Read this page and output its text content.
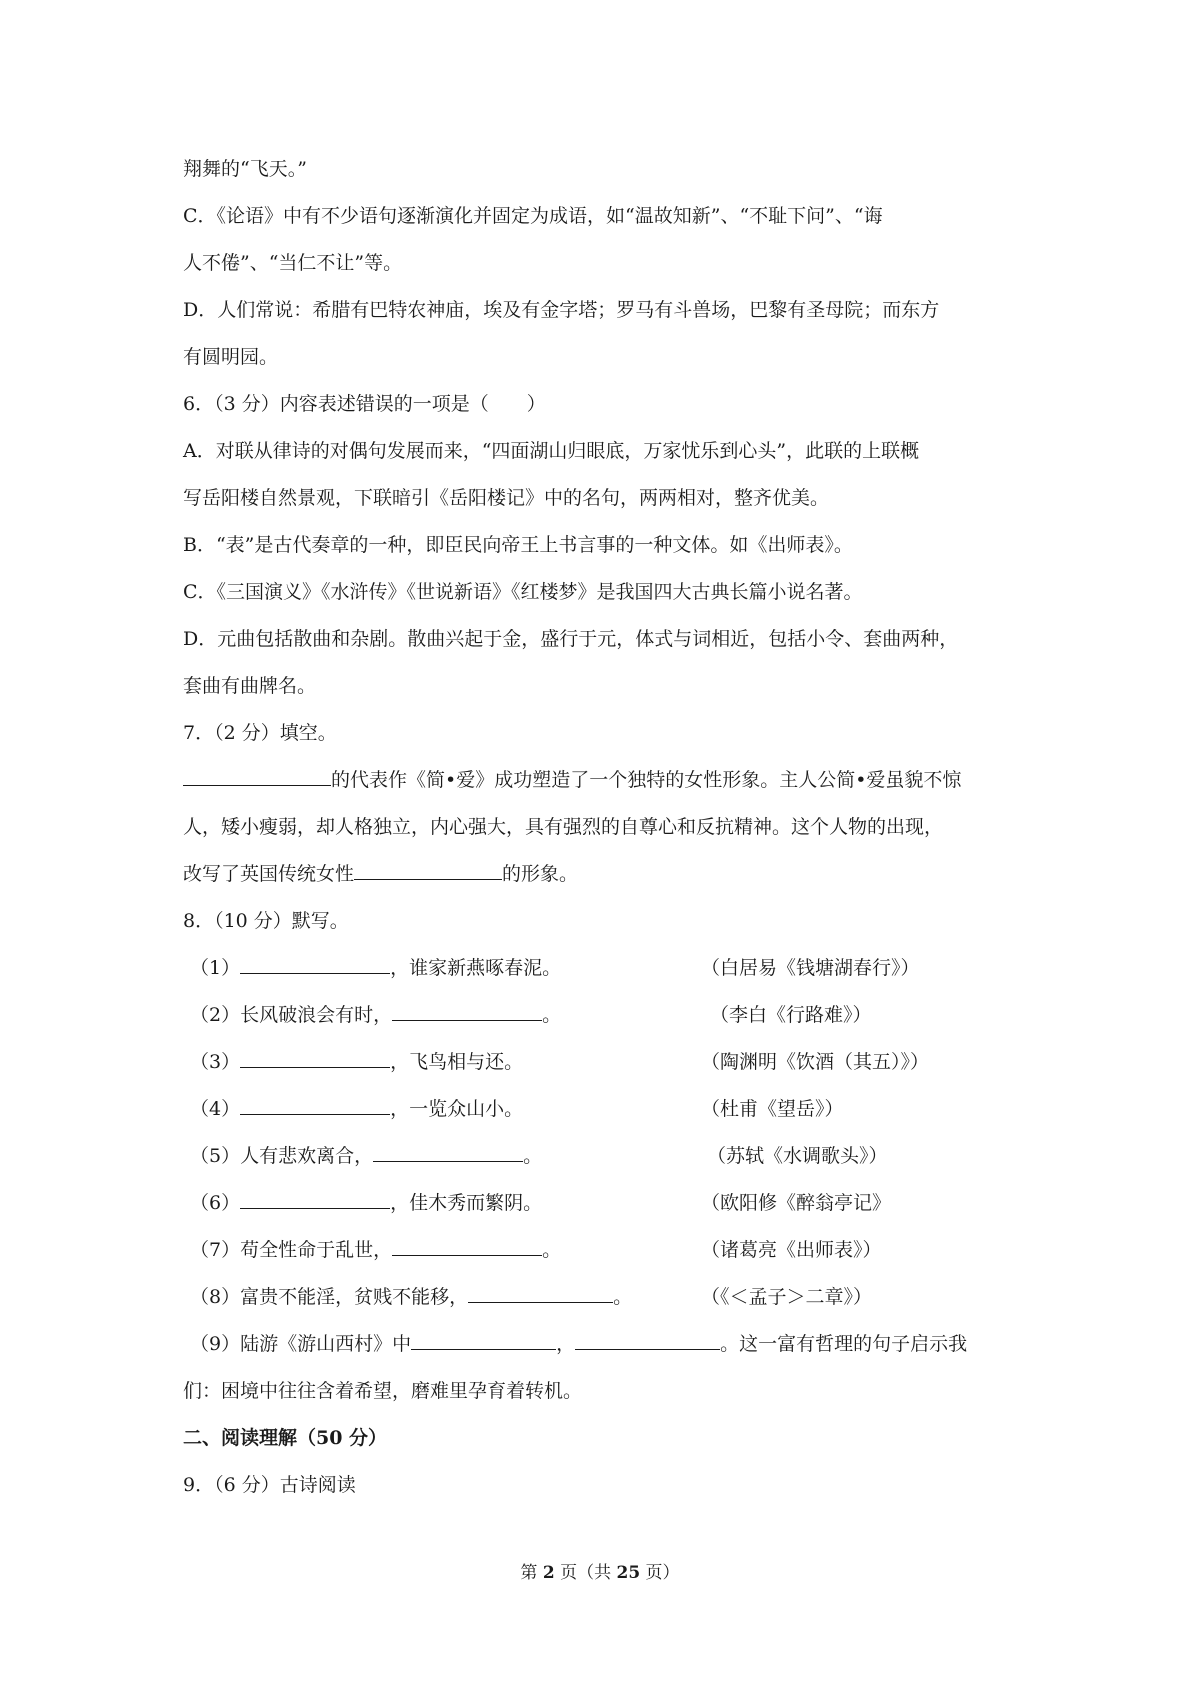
翔舞的“飞天。”
C．《论语》中有不少语句逐渐演化并固定为成语，如“温故知新”、“不耻下问”、“诲
人不倦”、“当仁不让”等。
D．人们常说：希腊有巴特农神庙，埃及有金字塔；罗马有斗兽场，巴黎有圣母院；而东方
有圆明园。
6．（3 分）内容表述错误的一项是（　　）
A．对联从律诗的对偶句发展而来，“四面湖山归眼底，万家忧乐到心头”，此联的上联概
写岳阳楼自然景观，下联暗引《岳阳楼记》中的名句，两两相对，整齐优美。
B．“表”是古代奏章的一种，即臣民向帝王上书言事的一种文体。如《出师表》。
C．《三国演义》《水浒传》《世说新语》《红楼梦》是我国四大古典长篇小说名著。
D．元曲包括散曲和杂剧。散曲兴起于金，盛行于元，体式与词相近，包括小令、套曲两种，
套曲有曲牌名。
7．（2 分）填空。
的代表作《简•爱》成功塑造了一个独特的女性形象。主人公简•爱虽貌不惊
人，矮小瘦弱，却人格独立，内心强大，具有强烈的自尊心和反抗精神。这个人物的出现，
改写了英国传统女性	的形象。
8．（10 分）默写。
（1）	，谁家新燕啄春泥。	（白居易《钱塘湖春行》）
（2）长风破浪会有时，	。	（李白《行路难》）
（3）	，飞鸟相与还。	（陶渊明《饮酒（其五）》）
（4）	，一览众山小。	（杜甫《望岳》）
（5）人有悲欢离合，	。	（苏轼《水调歌头》）
（6）	，佳木秀而繁阴。	（欧阳修《醉翁亭记》
（7）苟全性命于乱世，	。	（诸葛亮《出师表》）
（8）富贵不能淫，贫贱不能移，	。	（《＜孟子＞二章》）
（9）陆游《游山西村》中	，	。这一富有哲理的句子启示我
们：困境中往往含着希望，磨难里孕育着转机。
二、阅读理解（50 分）
9．（6 分）古诗阅读
第 2 页（共 25 页）
